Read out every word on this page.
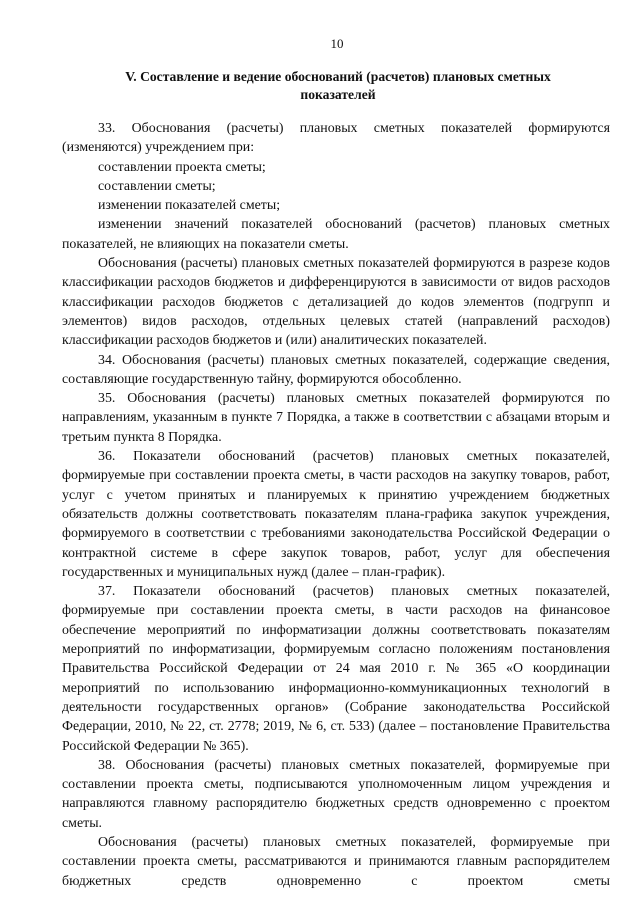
10
V. Составление и ведение обоснований (расчетов) плановых сметных
показателей

33. Обоснования (расчеты) плановых сметных показателей формируются (изменяются) учреждением при:

составлении проекта сметы;

составлении сметы;

изменении показателей сметы;

изменении значений показателей обоснований (расчетов) плановых сметных показателей, не влияющих на показатели сметы.

Обоснования (расчеты) плановых сметных показателей формируются в разрезе кодов классификации расходов бюджетов и дифференцируются в зависимости от видов расходов классификации расходов бюджетов с детализацией до кодов элементов (подгрупп и элементов) видов расходов, отдельных целевых статей (направлений расходов) классификации расходов бюджетов и (или) аналитических показателей.

34. Обоснования (расчеты) плановых сметных показателей, содержащие сведения, составляющие государственную тайну, формируются обособленно.

35. Обоснования (расчеты) плановых сметных показателей формируются по направлениям, указанным в пункте 7 Порядка, а также в соответствии с абзацами вторым и третьим пункта 8 Порядка.

36. Показатели обоснований (расчетов) плановых сметных показателей, формируемые при составлении проекта сметы, в части расходов на закупку товаров, работ, услуг с учетом принятых и планируемых к принятию учреждением бюджетных обязательств должны соответствовать показателям плана-графика закупок учреждения, формируемого в соответствии с требованиями законодательства Российской Федерации о контрактной системе в сфере закупок товаров, работ, услуг для обеспечения государственных и муниципальных нужд (далее – план-график).

37. Показатели обоснований (расчетов) плановых сметных показателей, формируемые при составлении проекта сметы, в части расходов на финансовое обеспечение мероприятий по информатизации должны соответствовать показателям мероприятий по информатизации, формируемым согласно положениям постановления Правительства Российской Федерации от 24 мая 2010 г. № 365 «О координации мероприятий по использованию информационно-коммуникационных технологий в деятельности государственных органов» (Собрание законодательства Российской Федерации, 2010, № 22, ст. 2778; 2019, № 6, ст. 533) (далее – постановление Правительства Российской Федерации № 365).

38. Обоснования (расчеты) плановых сметных показателей, формируемые при составлении проекта сметы, подписываются уполномоченным лицом учреждения и направляются главному распорядителю бюджетных средств одновременно с проектом сметы.

Обоснования (расчеты) плановых сметных показателей, формируемые при составлении проекта сметы, рассматриваются и принимаются главным распорядителем бюджетных средств одновременно с проектом сметы
